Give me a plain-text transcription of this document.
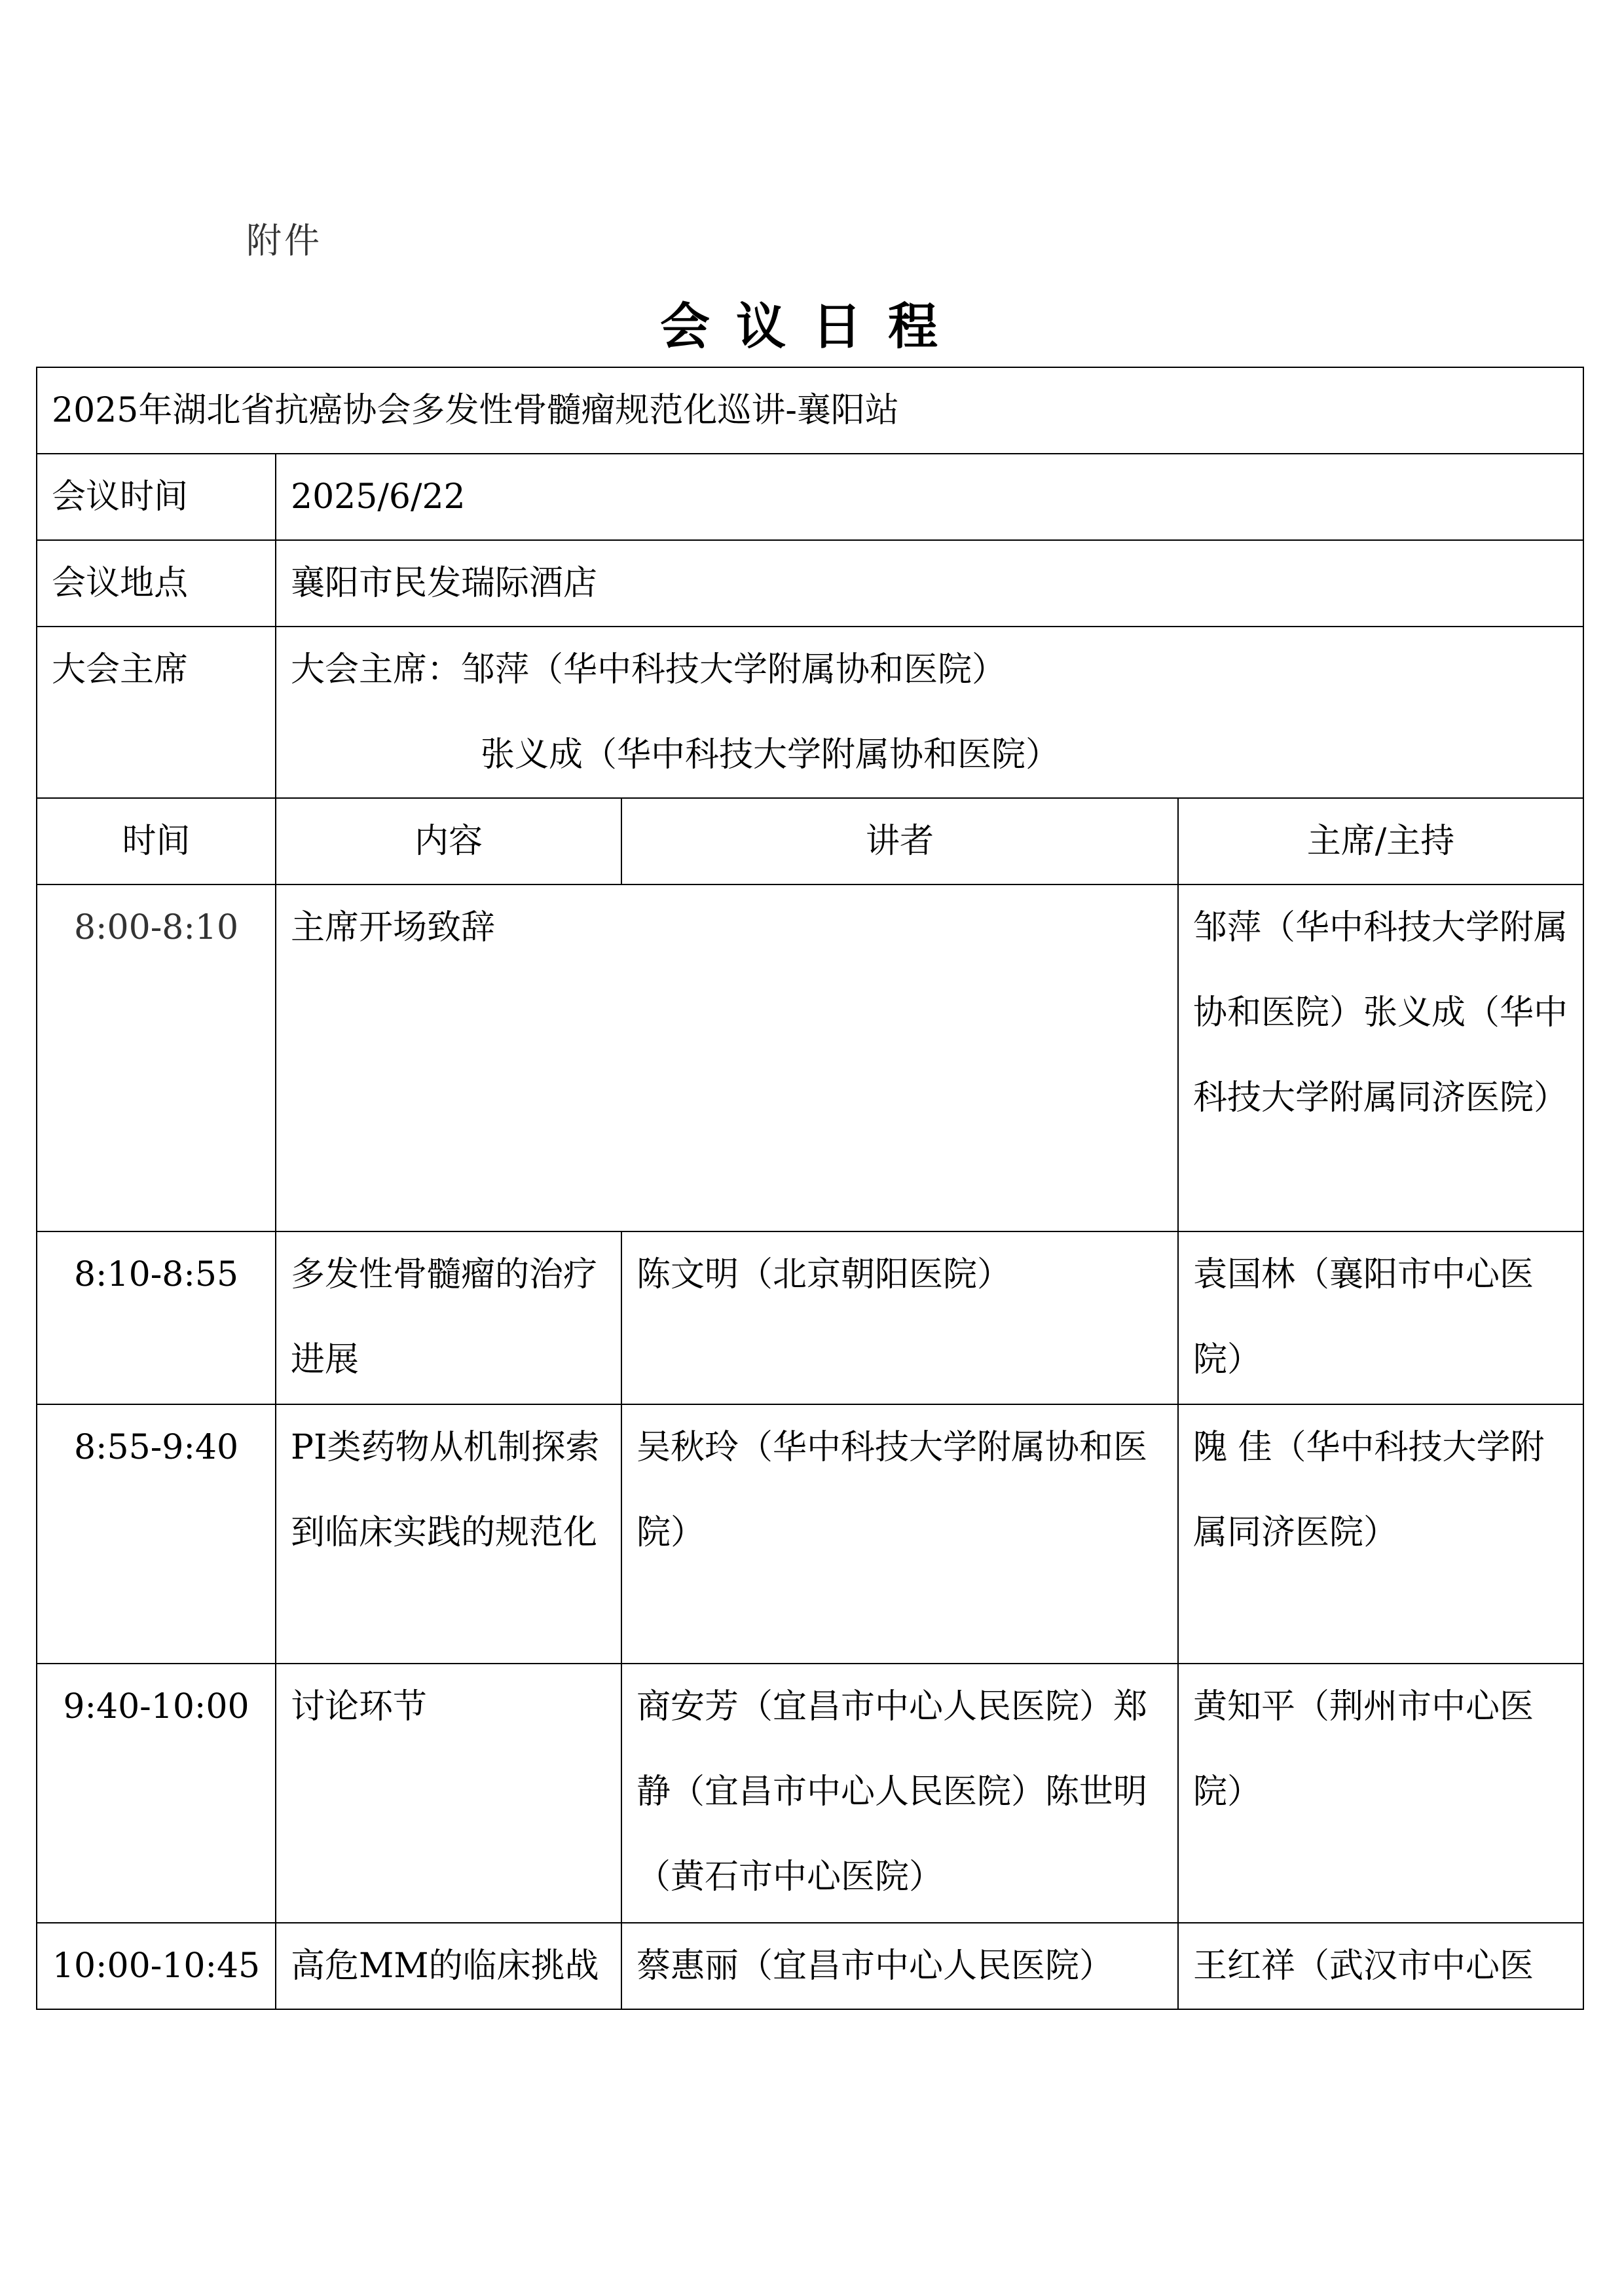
附件
会议日程
2025年湖北省抗癌协会多发性骨髓瘤规范化巡讲-襄阳站			
会议时间	2025/6/22		
会议地点	襄阳市民发瑞际酒店		
大会主席	大会主席：邹萍（华中科技大学附属协和医院）
张义成（华中科技大学附属协和医院）		

时间	内容	讲者	主席/主持
8:00-8:10	主席开场致辞		邹萍（华中科技大学附属协和医院）张义成（华中科技大学附属同济医院）
8:10-8:55	多发性骨髓瘤的治疗进展	陈文明（北京朝阳医院）	袁国林（襄阳市中心医院）
8:55-9:40	PI类药物从机制探索到临床实践的规范化	吴秋玲（华中科技大学附属协和医院）	隗 佳（华中科技大学附属同济医院）
9:40-10:00	讨论环节	商安芳（宜昌市中心人民医院）郑静（宜昌市中心人民医院）陈世明（黄石市中心医院）	黄知平（荆州市中心医院）
10:00-10:45	高危MM的临床挑战	蔡惠丽（宜昌市中心人民医院）	王红祥（武汉市中心医
